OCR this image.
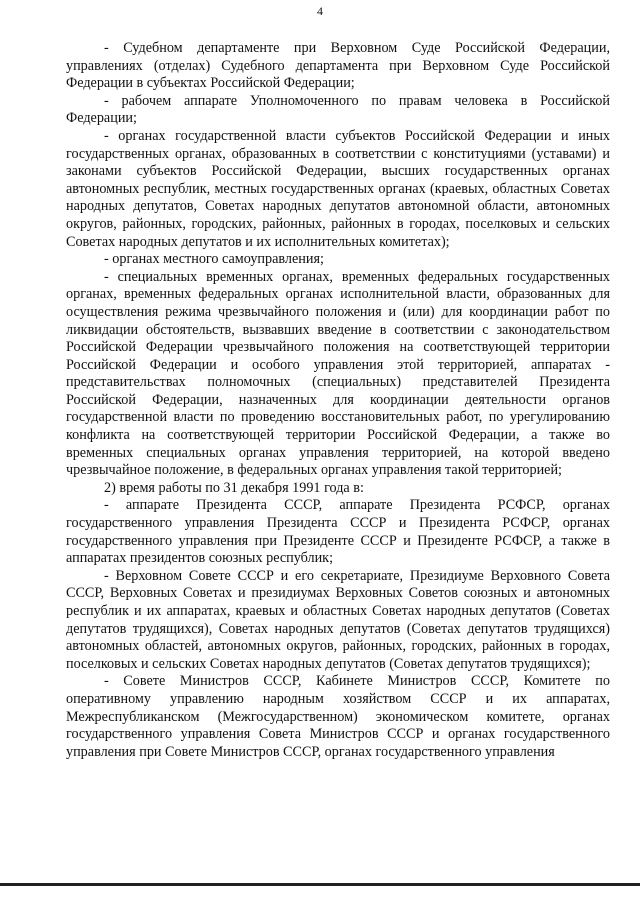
4

- Судебном департаменте при Верховном Суде Российской Федерации, управлениях (отделах) Судебного департамента при Верховном Суде Российской Федерации в субъектах Российской Федерации;

- рабочем аппарате Уполномоченного по правам человека в Российской Федерации;

- органах государственной власти субъектов Российской Федерации и иных государственных органах, образованных в соответствии с конституциями (уставами) и законами субъектов Российской Федерации, высших государственных органах автономных республик, местных государственных органах (краевых, областных Советах народных депутатов, Советах народных депутатов автономной области, автономных округов, районных, городских, районных, районных в городах, поселковых и сельских Советах народных депутатов и их исполнительных комитетах);

- органах местного самоуправления;

- специальных временных органах, временных федеральных государственных органах, временных федеральных органах исполнительной власти, образованных для осуществления режима чрезвычайного положения и (или) для координации работ по ликвидации обстоятельств, вызвавших введение в соответствии с законодательством Российской Федерации чрезвычайного положения на соответствующей территории Российской Федерации и особого управления этой территорией, аппаратах - представительствах полномочных (специальных) представителей Президента Российской Федерации, назначенных для координации деятельности органов государственной власти по проведению восстановительных работ, по урегулированию конфликта на соответствующей территории Российской Федерации, а также во временных специальных органах управления территорией, на которой введено чрезвычайное положение, в федеральных органах управления такой территорией;

2) время работы по 31 декабря 1991 года в:

- аппарате Президента СССР, аппарате Президента РСФСР, органах государственного управления Президента СССР и Президента РСФСР, органах государственного управления при Президенте СССР и Президенте РСФСР, а также в аппаратах президентов союзных республик;

- Верховном Совете СССР и его секретариате, Президиуме Верховного Совета СССР, Верховных Советах и президиумах Верховных Советов союзных и автономных республик и их аппаратах, краевых и областных Советах народных депутатов (Советах депутатов трудящихся), Советах народных депутатов (Советах депутатов трудящихся) автономных областей, автономных округов, районных, городских, районных в городах, поселковых и сельских Советах народных депутатов (Советах депутатов трудящихся);

- Совете Министров СССР, Кабинете Министров СССР, Комитете по оперативному управлению народным хозяйством СССР и их аппаратах, Межреспубликанском (Межгосударственном) экономическом комитете, органах государственного управления Совета Министров СССР и органах государственного управления при Совете Министров СССР, органах государственного управления
